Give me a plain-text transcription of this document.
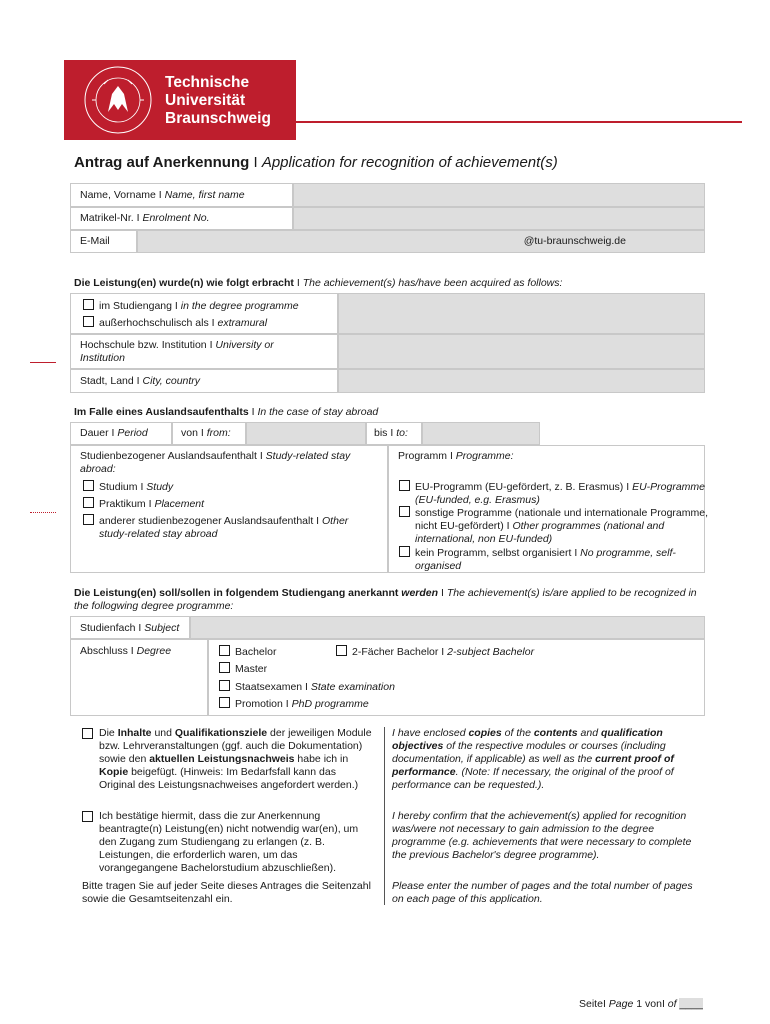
Technische
Universität
Braunschweig
Antrag auf Anerkennung I Application for recognition of achievement(s)
Name, Vorname I Name, first name
Matrikel-Nr. I Enrolment No.
E-Mail	@tu-braunschweig.de
Die Leistung(en) wurde(n) wie folgt erbracht I The achievement(s) has/have been acquired as follows:
im Studiengang I in the degree programme
außerhochschulisch als I extramural
Hochschule bzw. Institution I University or Institution
Stadt, Land I City, country
Im Falle eines Auslandsaufenthalts I In the case of stay abroad
Dauer I Period	von I from:	bis I to:
Studienbezogener Auslandsaufenthalt I Study-related stay abroad:
Studium I Study
Praktikum I Placement
anderer studienbezogener Auslandsaufenthalt I Other study-related stay abroad
Programm I Programme:
EU-Programm (EU-gefördert, z. B. Erasmus) I EU-Programme (EU-funded, e.g. Erasmus)
sonstige Programme (nationale und internationale Programme, nicht EU-gefördert) I Other programmes (national and international, non EU-funded)
kein Programm, selbst organisiert I No programme, self-organised
Die Leistung(en) soll/sollen in folgendem Studiengang anerkannt werden I The achievement(s) is/are applied to be recognized in the follogwing degree programme:
Studienfach I Subject
Abschluss I Degree	Bachelor	2-Fächer Bachelor I 2-subject Bachelor
Master
Staatsexamen I State examination
Promotion I PhD programme
Die Inhalte und Qualifikationsziele der jeweiligen Module bzw. Lehrveranstaltungen (ggf. auch die Dokumentation) sowie den aktuellen Leistungsnachweis habe ich in Kopie beigefügt. (Hinweis: Im Bedarfsfall kann das Original des Leistungsnachweises angefordert werden.)
I have enclosed copies of the contents and qualification objectives of the respective modules or courses (including documentation, if applicable) as well as the current proof of performance. (Note: If necessary, the original of the proof of performance can be requested.).
Ich bestätige hiermit, dass die zur Anerkennung beantragte(n) Leistung(en) nicht notwendig war(en), um den Zugang zum Studiengang zu erlangen (z. B. Leistungen, die erforderlich waren, um das vorangegangene Bachelorstudium abzuschließen).
I hereby confirm that the achievement(s) applied for recognition was/were not necessary to gain admission to the degree programme (e.g. achievements that were necessary to complete the previous Bachelor's degree programme).
Bitte tragen Sie auf jeder Seite dieses Antrages die Seitenzahl sowie die Gesamtseitenzahl ein.
Please enter the number of pages and the total number of pages on each page of this application.
SeiteI Page 1 vonI of ____
